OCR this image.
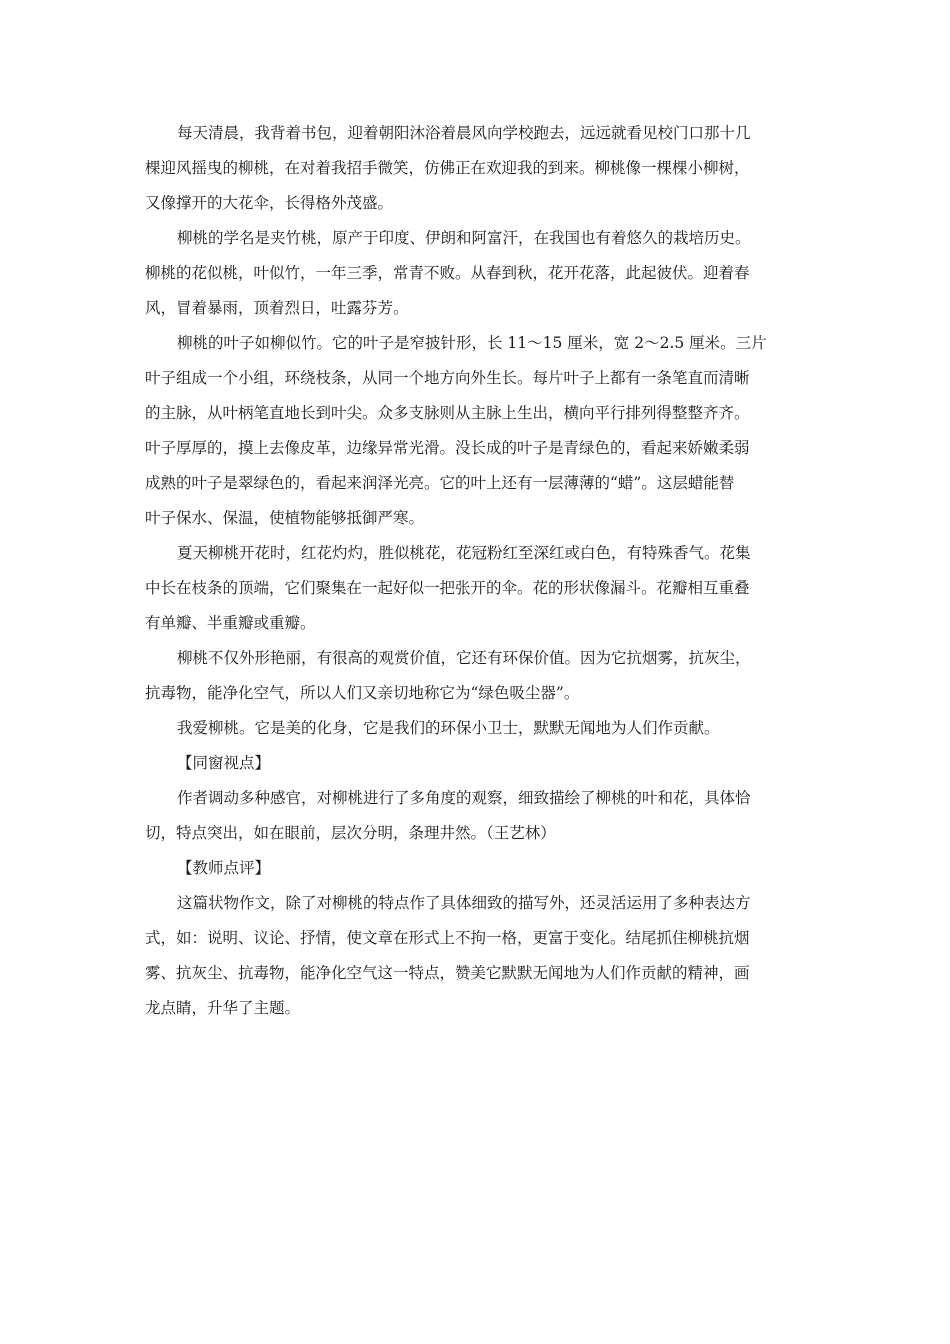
每天清晨，我背着书包，迎着朝阳沐浴着晨风向学校跑去，远远就看见校门口那十几
棵迎风摇曳的柳桃，在对着我招手微笑，仿佛正在欢迎我的到来。柳桃像一棵棵小柳树，
又像撑开的大花伞，长得格外茂盛。
柳桃的学名是夹竹桃，原产于印度、伊朗和阿富汗，在我国也有着悠久的栽培历史。
柳桃的花似桃，叶似竹，一年三季，常青不败。从春到秋，花开花落，此起彼伏。迎着春
风，冒着暴雨，顶着烈日，吐露芬芳。
柳桃的叶子如柳似竹。它的叶子是窄披针形，长 11～15 厘米，宽 2～2.5 厘米。三片
叶子组成一个小组，环绕枝条，从同一个地方向外生长。每片叶子上都有一条笔直而清晰
的主脉，从叶柄笔直地长到叶尖。众多支脉则从主脉上生出，横向平行排列得整整齐齐。
叶子厚厚的，摸上去像皮革，边缘异常光滑。没长成的叶子是青绿色的，看起来娇嫩柔弱
成熟的叶子是翠绿色的，看起来润泽光亮。它的叶上还有一层薄薄的“蜡”。这层蜡能替
叶子保水、保温，使植物能够抵御严寒。
夏天柳桃开花时，红花灼灼，胜似桃花，花冠粉红至深红或白色，有特殊香气。花集
中长在枝条的顶端，它们聚集在一起好似一把张开的伞。花的形状像漏斗。花瓣相互重叠
有单瓣、半重瓣或重瓣。
柳桃不仅外形艳丽，有很高的观赏价值，它还有环保价值。因为它抗烟雾，抗灰尘，
抗毒物，能净化空气，所以人们又亲切地称它为“绿色吸尘器”。
我爱柳桃。它是美的化身，它是我们的环保小卫士，默默无闻地为人们作贡献。
【同窗视点】
作者调动多种感官，对柳桃进行了多角度的观察，细致描绘了柳桃的叶和花，具体恰
切，特点突出，如在眼前，层次分明，条理井然。（王艺林）
【教师点评】
这篇状物作文，除了对柳桃的特点作了具体细致的描写外，还灵活运用了多种表达方
式，如：说明、议论、抒情，使文章在形式上不拘一格，更富于变化。结尾抓住柳桃抗烟
雾、抗灰尘、抗毒物，能净化空气这一特点，赞美它默默无闻地为人们作贡献的精神，画
龙点睛，升华了主题。
